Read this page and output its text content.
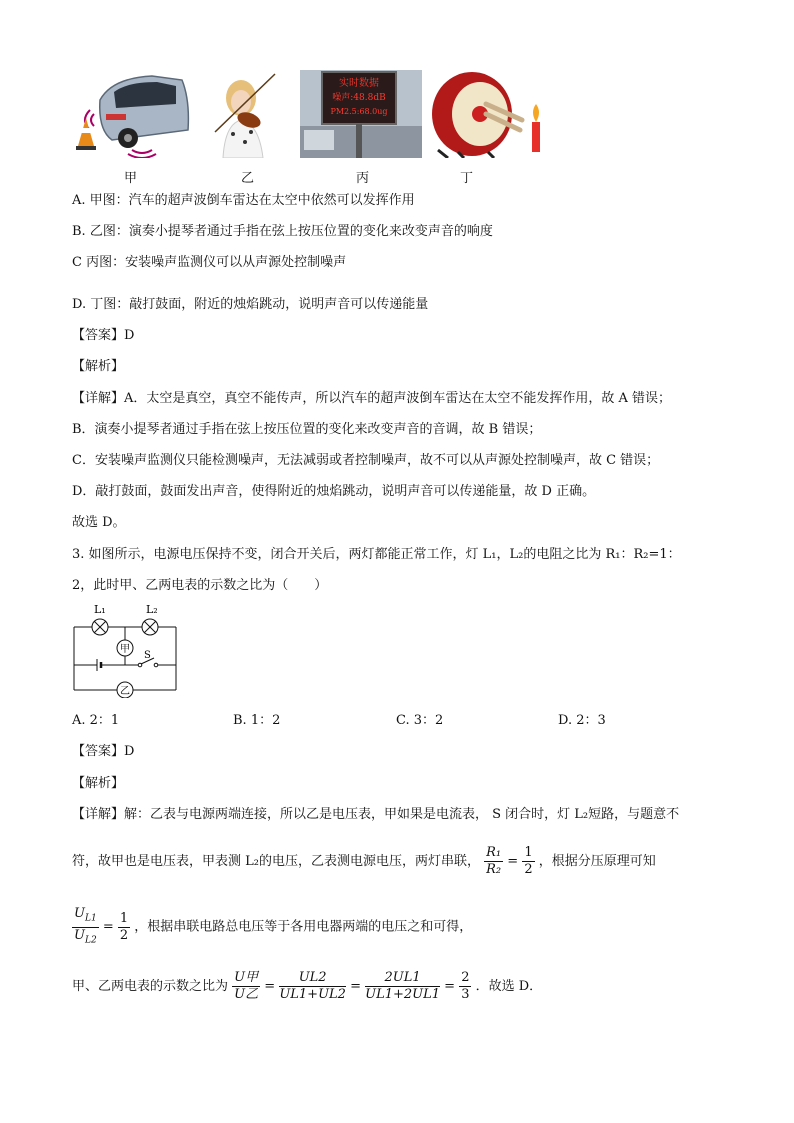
实时数据
噪声:48.8dB
PM2.5:68.0ug
甲	乙	丙	丁
A. 甲图：汽车的超声波倒车雷达在太空中依然可以发挥作用
B. 乙图：演奏小提琴者通过手指在弦上按压位置的变化来改变声音的响度
C 丙图：安装噪声监测仪可以从声源处控制噪声
D. 丁图：敲打鼓面，附近的烛焰跳动，说明声音可以传递能量
【答案】D
【解析】
【详解】A．太空是真空，真空不能传声，所以汽车的超声波倒车雷达在太空不能发挥作用，故 A 错误；
B．演奏小提琴者通过手指在弦上按压位置的变化来改变声音的音调，故 B 错误；
C．安装噪声监测仪只能检测噪声，无法减弱或者控制噪声，故不可以从声源处控制噪声，故 C 错误；
D．敲打鼓面，鼓面发出声音，使得附近的烛焰跳动，说明声音可以传递能量，故 D 正确。
故选 D。
3. 如图所示，电源电压保持不变，闭合开关后，两灯都能正常工作，灯 L₁，L₂的电阻之比为 R₁：R₂=1：
2，此时甲、乙两电表的示数之比为（　　）
L₁	L₂
甲
乙
S
A. 2：1	B. 1：2	C. 3：2	D. 2：3
【答案】D
【解析】
【详解】解：乙表与电源两端连接，所以乙是电压表，甲如果是电流表， S 闭合时，灯 L₂短路，与题意不
符，故甲也是电压表，甲表测 L₂的电压，乙表测电源电压，两灯串联， $\frac{\text{R₁}}{\text{R₂}} = \frac{1}{2}$ ，根据分压原理可知
$\frac{U_{L1}}{U_{L2}} = \frac{1}{2}$ ，根据串联电路总电压等于各用电器两端的电压之和可得，
甲、乙两电表的示数之比为 $\frac{\text{U甲}}{\text{U乙}} = \frac{UL2}{UL1+UL2} = \frac{2UL1}{UL1+2UL1} = \frac{2}{3}$ ．故选 D．
